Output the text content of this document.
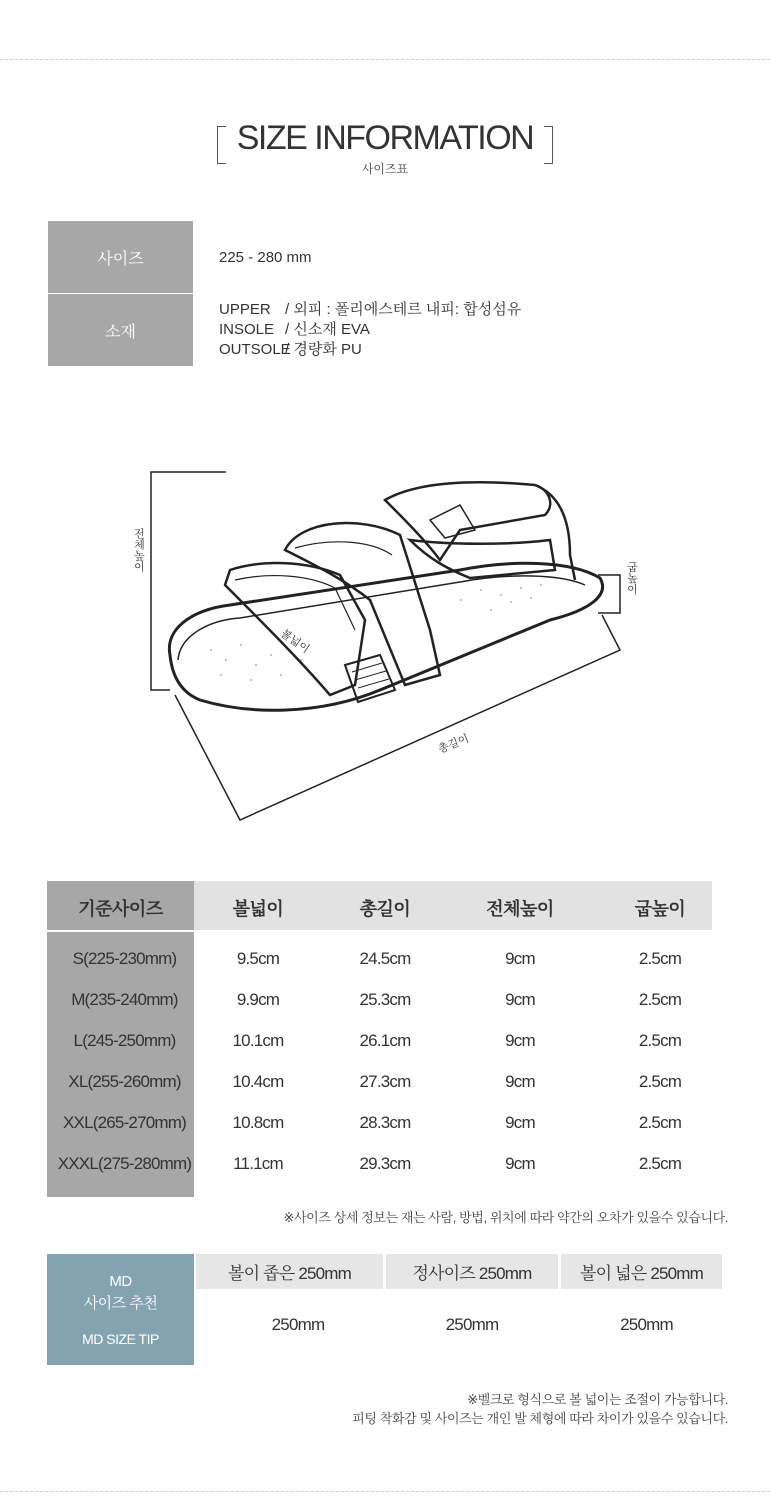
SIZE INFORMATION
사이즈표
사이즈	225 - 280 mm
소재
UPPER / 외피 : 폴리에스테르 내피: 합성섬유
INSOLE / 신소재 EVA
OUTSOLE/ 경량화 PU
전체높이
굽높이
볼넓이
총길이
기준사이즈	볼넓이	총길이	전체높이	굽높이
S(225-230mm)	9.5cm	24.5cm	9cm	2.5cm
M(235-240mm)	9.9cm	25.3cm	9cm	2.5cm
L(245-250mm)	10.1cm	26.1cm	9cm	2.5cm
XL(255-260mm)	10.4cm	27.3cm	9cm	2.5cm
XXL(265-270mm)	10.8cm	28.3cm	9cm	2.5cm
XXXL(275-280mm)	11.1cm	29.3cm	9cm	2.5cm
※사이즈 상세 정보는 재는 사람, 방법, 위치에 따라 약간의 오차가 있을수 있습니다.
MD
사이즈 추천
MD SIZE TIP
볼이 좁은 250mm	정사이즈 250mm	볼이 넓은 250mm
250mm	250mm	250mm
※벨크로 형식으로 볼 넓이는 조절이 가능합니다.
피팅 착화감 및 사이즈는 개인 발 체형에 따라 차이가 있을수 있습니다.
